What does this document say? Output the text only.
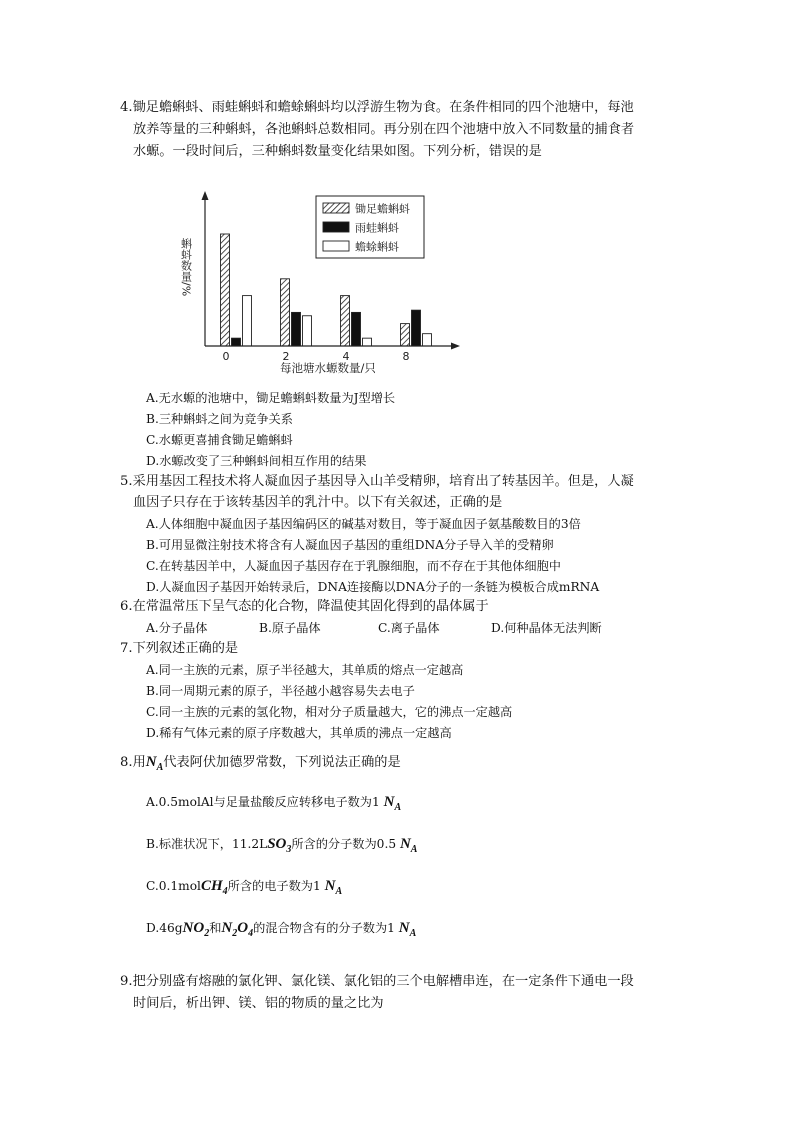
4.锄足蟾蝌蚪、雨蛙蝌蚪和蟾蜍蝌蚪均以浮游生物为食。在条件相同的四个池塘中，每池
放养等量的三种蝌蚪，各池蝌蚪总数相同。再分别在四个池塘中放入不同数量的捕食者
水螈。一段时间后，三种蝌蚪数量变化结果如图。下列分析，错误的是
0	2	4	8
蝌蚪数量/%
每池塘水螈数量/只
锄足蟾蝌蚪
雨蛙蝌蚪
蟾蜍蝌蚪
A.无水螈的池塘中，锄足蟾蝌蚪数量为J型增长
B.三种蝌蚪之间为竞争关系
C.水螈更喜捕食锄足蟾蝌蚪
D.水螈改变了三种蝌蚪间相互作用的结果
5.采用基因工程技术将人凝血因子基因导入山羊受精卵，培育出了转基因羊。但是，人凝
血因子只存在于该转基因羊的乳汁中。以下有关叙述，正确的是
A.人体细胞中凝血因子基因编码区的碱基对数目，等于凝血因子氨基酸数目的3倍
B.可用显微注射技术将含有人凝血因子基因的重组DNA分子导入羊的受精卵
C.在转基因羊中，人凝血因子基因存在于乳腺细胞，而不存在于其他体细胞中
D.人凝血因子基因开始转录后，DNA连接酶以DNA分子的一条链为模板合成mRNA
6.在常温常压下呈气态的化合物，降温使其固化得到的晶体属于
A.分子晶体	B.原子晶体	C.离子晶体	D.何种晶体无法判断
7.下列叙述正确的是
A.同一主族的元素，原子半径越大，其单质的熔点一定越高
B.同一周期元素的原子，半径越小越容易失去电子
C.同一主族的元素的氢化物，相对分子质量越大，它的沸点一定越高
D.稀有气体元素的原子序数越大，其单质的沸点一定越高
8.用$N_A$代表阿伏加德罗常数，下列说法正确的是
A.0.5molAl与足量盐酸反应转移电子数为1 $N_A$
B.标准状况下，$11.2LSO_3$所含的分子数为0.5 $N_A$
C.0.1molCH$_4$所含的电子数为1 $N_A$
D.46gNO$_2$和$N_2O_4$的混合物含有的分子数为1 $N_A$
9.把分别盛有熔融的氯化钾、氯化镁、氯化铝的三个电解槽串连，在一定条件下通电一段
时间后，析出钾、镁、铝的物质的量之比为
